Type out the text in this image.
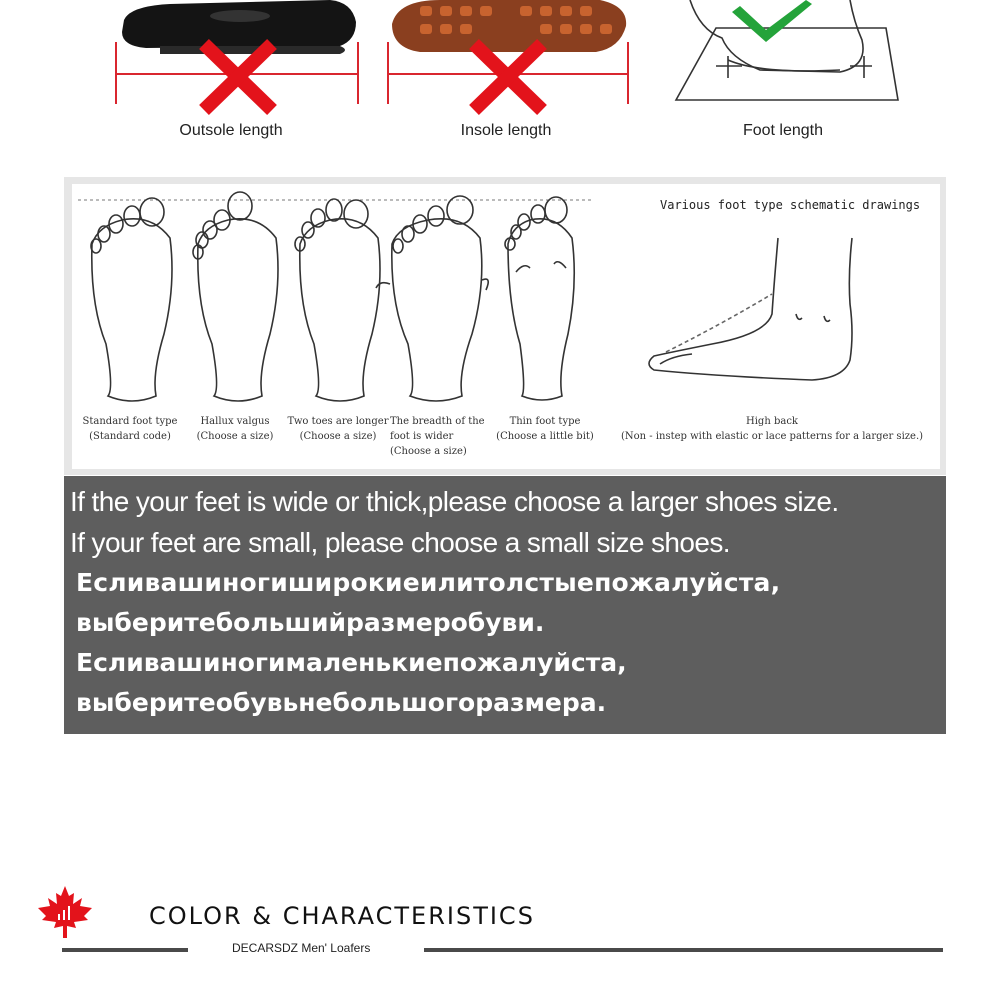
Outsole length	Insole length	Foot length
Various foot type schematic drawings
Standard foot type
(Standard code)
Hallux valgus
(Choose a size)
Two toes are longer
(Choose a size)
The breadth of the
foot is wider
(Choose a size)
Thin foot type
(Choose a little bit)
High back
(Non - instep with elastic or lace patterns for a larger size.)
If the your feet is wide or thick,please choose a larger shoes size.
If your feet are small, please choose a small size shoes.
Есливашиногиширокиеилитолстыепожалуйста,
выберитебольшийразмеробуви.
Есливашиногималенькиепожалуйста,
выберитеобувьнебольшогоразмера.
COLOR & CHARACTERISTICS
DECARSDZ Men' Loafers
